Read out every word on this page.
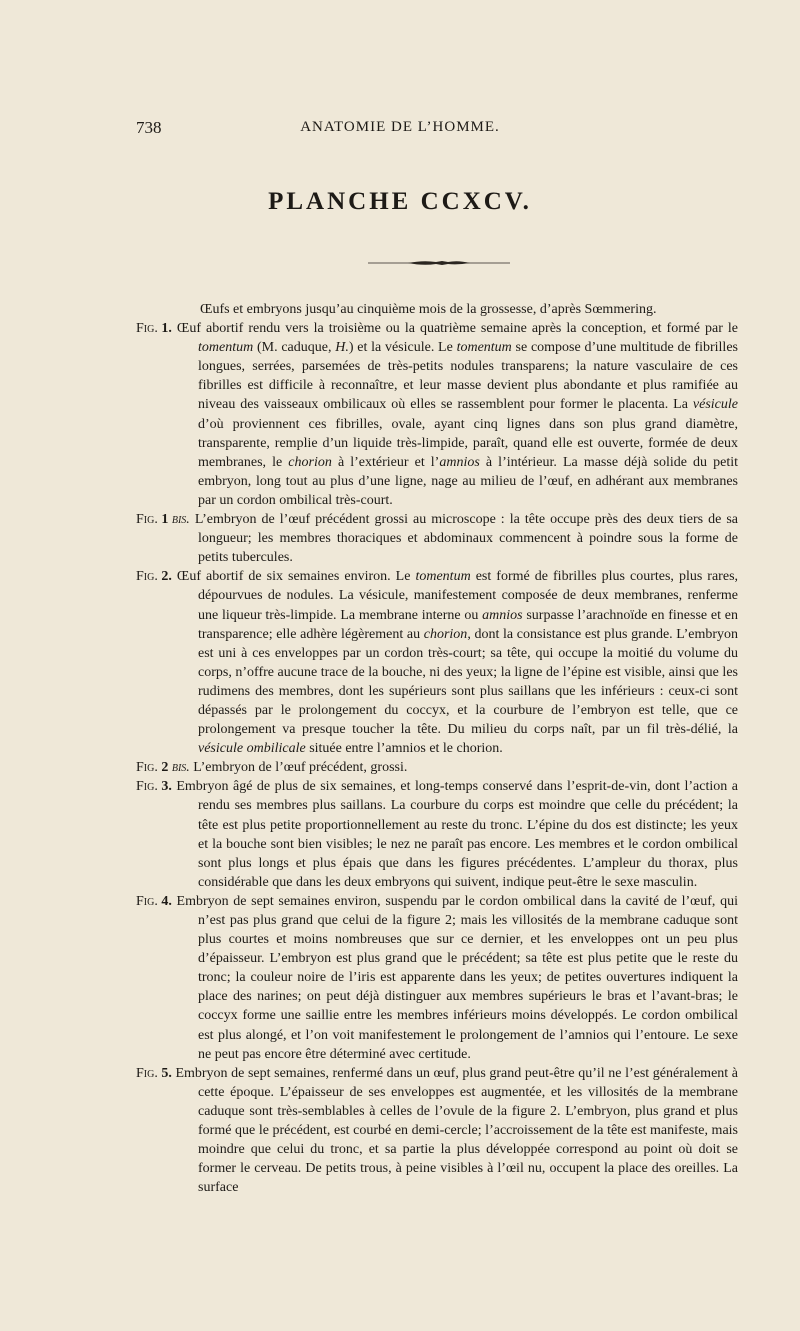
738	ANATOMIE DE L’HOMME.
PLANCHE CCXCV.

Œufs et embryons jusqu’au cinquième mois de la grossesse, d’après Sœmmering.

Fig. 1. Œuf abortif rendu vers la troisième ou la quatrième semaine après la conception, et formé par le tomentum (M. caduque, H.) et la vésicule. Le tomentum se compose d’une multitude de fibrilles longues, serrées, parsemées de très-petits nodules transparens; la nature vasculaire de ces fibrilles est difficile à reconnaître, et leur masse devient plus abondante et plus ramifiée au niveau des vaisseaux ombilicaux où elles se rassemblent pour former le placenta. La vésicule d’où proviennent ces fibrilles, ovale, ayant cinq lignes dans son plus grand diamètre, transparente, remplie d’un liquide très-limpide, paraît, quand elle est ouverte, formée de deux membranes, le chorion à l’extérieur et l’amnios à l’intérieur. La masse déjà solide du petit embryon, long tout au plus d’une ligne, nage au milieu de l’œuf, en adhérant aux membranes par un cordon ombilical très-court.

Fig. 1 bis. L’embryon de l’œuf précédent grossi au microscope : la tête occupe près des deux tiers de sa longueur; les membres thoraciques et abdominaux commencent à poindre sous la forme de petits tubercules.

Fig. 2. Œuf abortif de six semaines environ. Le tomentum est formé de fibrilles plus courtes, plus rares, dépourvues de nodules. La vésicule, manifestement composée de deux membranes, renferme une liqueur très-limpide. La membrane interne ou amnios surpasse l’arachnoïde en finesse et en transparence; elle adhère légèrement au chorion, dont la consistance est plus grande. L’embryon est uni à ces enveloppes par un cordon très-court; sa tête, qui occupe la moitié du volume du corps, n’offre aucune trace de la bouche, ni des yeux; la ligne de l’épine est visible, ainsi que les rudimens des membres, dont les supérieurs sont plus saillans que les inférieurs : ceux-ci sont dépassés par le prolongement du coccyx, et la courbure de l’embryon est telle, que ce prolongement va presque toucher la tête. Du milieu du corps naît, par un fil très-délié, la vésicule ombilicale située entre l’amnios et le chorion.

Fig. 2 bis. L’embryon de l’œuf précédent, grossi.

Fig. 3. Embryon âgé de plus de six semaines, et long-temps conservé dans l’esprit-de-vin, dont l’action a rendu ses membres plus saillans. La courbure du corps est moindre que celle du précédent; la tête est plus petite proportionnellement au reste du tronc. L’épine du dos est distincte; les yeux et la bouche sont bien visibles; le nez ne paraît pas encore. Les membres et le cordon ombilical sont plus longs et plus épais que dans les figures précédentes. L’ampleur du thorax, plus considérable que dans les deux embryons qui suivent, indique peut-être le sexe masculin.

Fig. 4. Embryon de sept semaines environ, suspendu par le cordon ombilical dans la cavité de l’œuf, qui n’est pas plus grand que celui de la figure 2; mais les villosités de la membrane caduque sont plus courtes et moins nombreuses que sur ce dernier, et les enveloppes ont un peu plus d’épaisseur. L’embryon est plus grand que le précédent; sa tête est plus petite que le reste du tronc; la couleur noire de l’iris est apparente dans les yeux; de petites ouvertures indiquent la place des narines; on peut déjà distinguer aux membres supérieurs le bras et l’avant-bras; le coccyx forme une saillie entre les membres inférieurs moins développés. Le cordon ombilical est plus alongé, et l’on voit manifestement le prolongement de l’amnios qui l’entoure. Le sexe ne peut pas encore être déterminé avec certitude.

Fig. 5. Embryon de sept semaines, renfermé dans un œuf, plus grand peut-être qu’il ne l’est généralement à cette époque. L’épaisseur de ses enveloppes est augmentée, et les villosités de la membrane caduque sont très-semblables à celles de l’ovule de la figure 2. L’embryon, plus grand et plus formé que le précédent, est courbé en demi-cercle; l’accroissement de la tête est manifeste, mais moindre que celui du tronc, et sa partie la plus développée correspond au point où doit se former le cerveau. De petits trous, à peine visibles à l’œil nu, occupent la place des oreilles. La surface
